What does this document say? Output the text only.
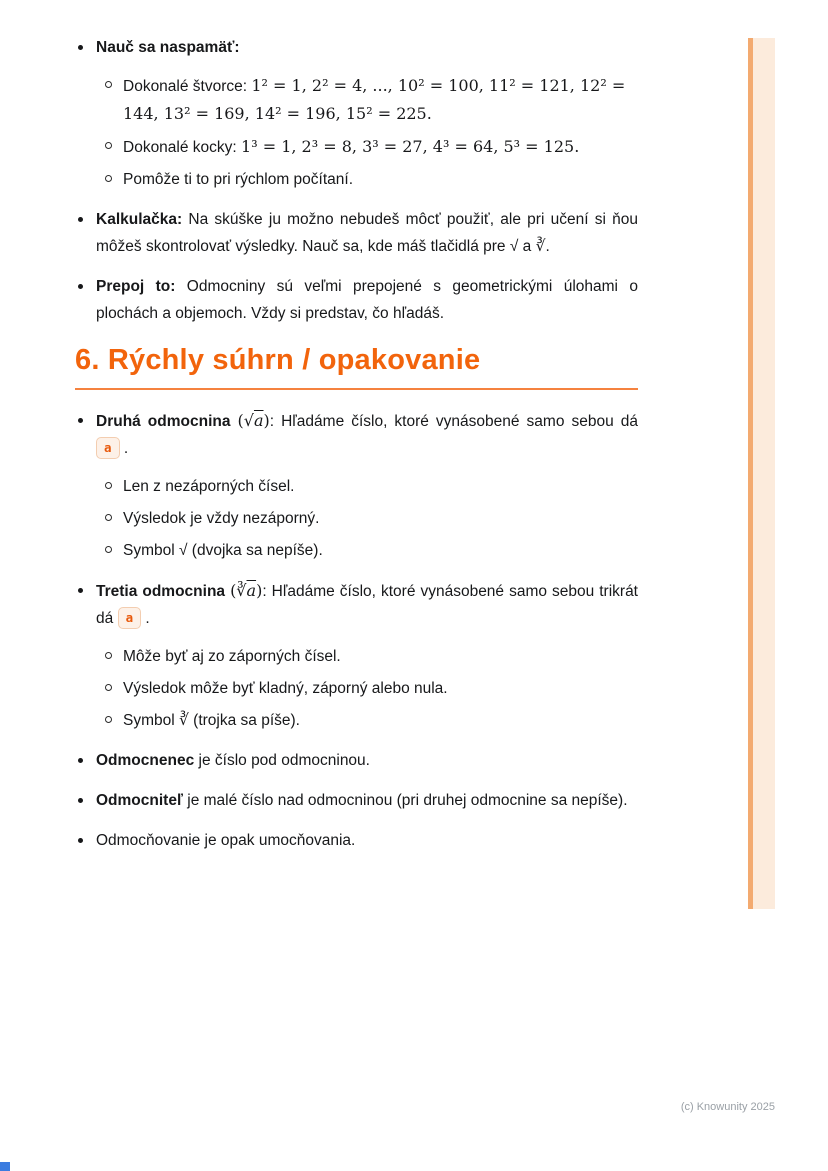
Nauč sa naspamäť:

Dokonalé štvorce: 1² = 1, 2² = 4, ..., 10² = 100, 11² = 121, 12² = 144, 13² = 169, 14² = 196, 15² = 225.
Dokonalé kocky: 1³ = 1, 2³ = 8, 3³ = 27, 4³ = 64, 5³ = 125.
Pomôže ti to pri rýchlom počítaní.

Kalkulačka: Na skúške ju možno nebudeš môcť použiť, ale pri učení si ňou môžeš skontrolovať výsledky. Nauč sa, kde máš tlačidlá pre √ a ∛.

Prepoj to: Odmocniny sú veľmi prepojené s geometrickými úlohami o plochách a objemoch. Vždy si predstav, čo hľadáš.

6. Rýchly súhrn / opakovanie

Druhá odmocnina (√a): Hľadáme číslo, ktoré vynásobené samo sebou dá a .

Len z nezáporných čísel.
Výsledok je vždy nezáporný.
Symbol √ (dvojka sa nepíše).

Tretia odmocnina $(∛\overline{a})$: Hľadáme číslo, ktoré vynásobené samo sebou trikrát dá a .

Môže byť aj zo záporných čísel.
Výsledok môže byť kladný, záporný alebo nula.
Symbol ∛ (trojka sa píše).

Odmocnenec je číslo pod odmocninou.

Odmocniteľ je malé číslo nad odmocninou (pri druhej odmocnine sa nepíše).

Odmocňovanie je opak umocňovania.

(c) Knowunity 2025
